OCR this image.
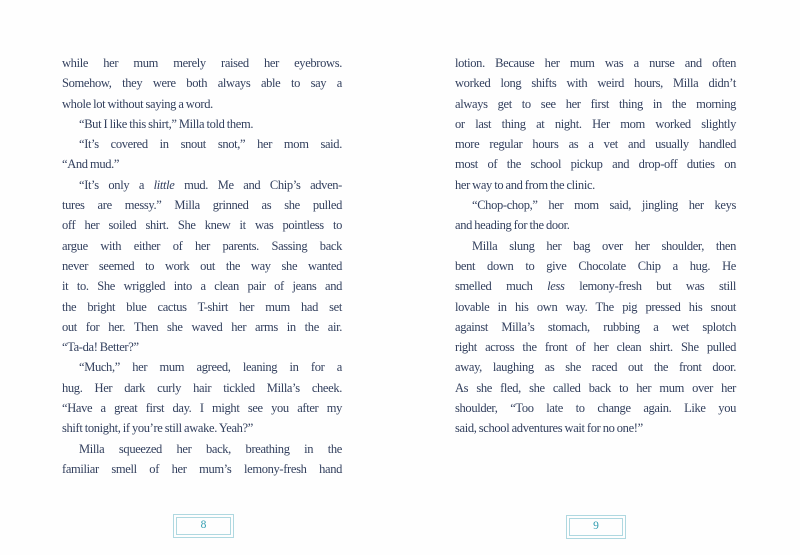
while her mum merely raised her eyebrows.
Somehow, they were both always able to say a
whole lot without saying a word.
“But I like this shirt,” Milla told them.
“It’s covered in snout snot,” her mom said.
“And mud.”
“It’s only a little mud. Me and Chip’s adven-
tures are messy.” Milla grinned as she pulled
off her soiled shirt. She knew it was pointless to
argue with either of her parents. Sassing back
never seemed to work out the way she wanted
it to. She wriggled into a clean pair of jeans and
the bright blue cactus T-shirt her mum had set
out for her. Then she waved her arms in the air.
“Ta-da! Better?”
“Much,” her mum agreed, leaning in for a
hug. Her dark curly hair tickled Milla’s cheek.
“Have a great first day. I might see you after my
shift tonight, if you’re still awake. Yeah?”
Milla squeezed her back, breathing in the
familiar smell of her mum’s lemony-fresh hand
8
lotion. Because her mum was a nurse and often
worked long shifts with weird hours, Milla didn’t
always get to see her first thing in the morning
or last thing at night. Her mom worked slightly
more regular hours as a vet and usually handled
most of the school pickup and drop-off duties on
her way to and from the clinic.
“Chop-chop,” her mom said, jingling her keys
and heading for the door.
Milla slung her bag over her shoulder, then
bent down to give Chocolate Chip a hug. He
smelled much less lemony-fresh but was still
lovable in his own way. The pig pressed his snout
against Milla’s stomach, rubbing a wet splotch
right across the front of her clean shirt. She pulled
away, laughing as she raced out the front door.
As she fled, she called back to her mum over her
shoulder, “Too late to change again. Like you
said, school adventures wait for no one!”
9
